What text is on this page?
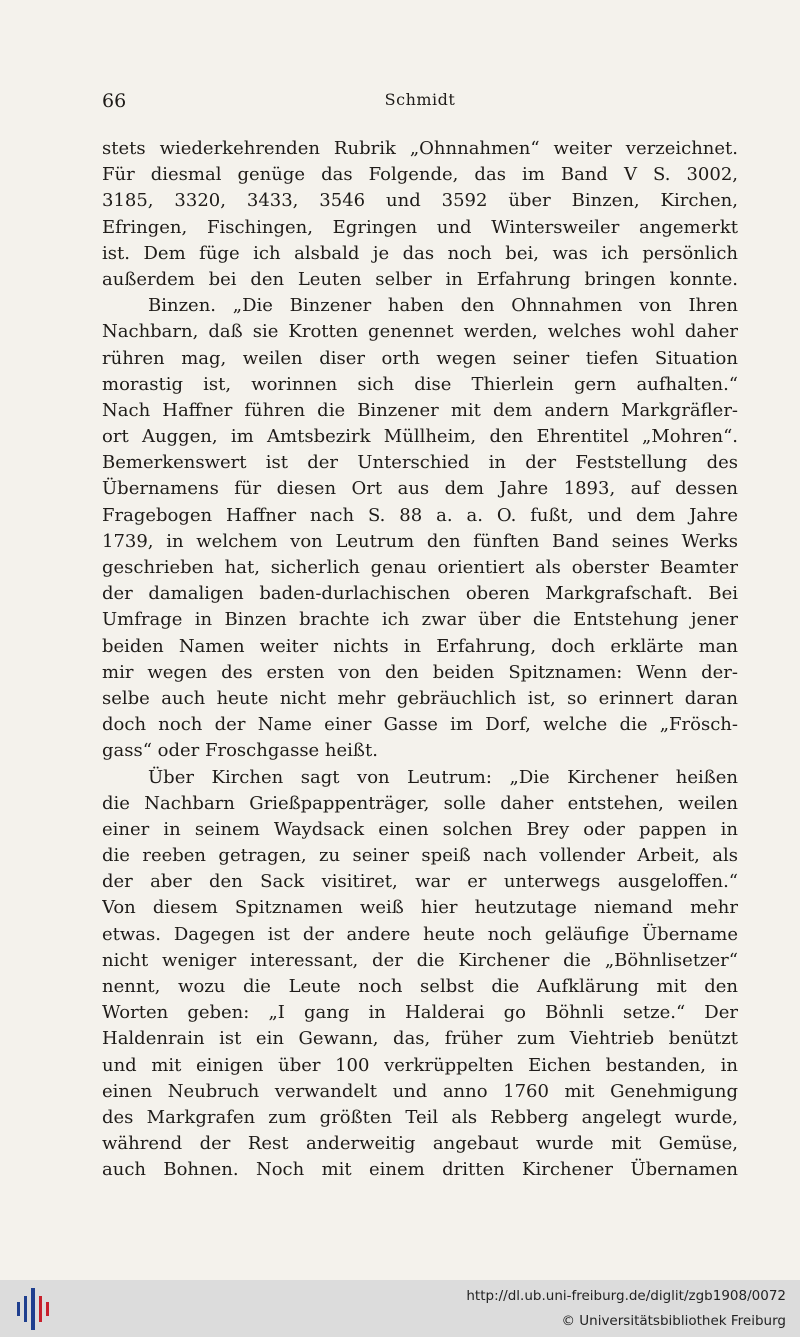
66	Schmidt
stets wiederkehrenden Rubrik „Ohnnahmen“ weiter verzeichnet.
Für diesmal genüge das Folgende, das im Band V S. 3002,
3185, 3320, 3433, 3546 und 3592 über Binzen, Kirchen,
Efringen, Fischingen, Egringen und Wintersweiler angemerkt
ist. Dem füge ich alsbald je das noch bei, was ich persönlich
außerdem bei den Leuten selber in Erfahrung bringen konnte.
Binzen. „Die Binzener haben den Ohnnahmen von Ihren
Nachbarn, daß sie Krotten genennet werden, welches wohl daher
rühren mag, weilen diser orth wegen seiner tiefen Situation
morastig ist, worinnen sich dise Thierlein gern aufhalten.“
Nach Haffner führen die Binzener mit dem andern Markgräfler-
ort Auggen, im Amtsbezirk Müllheim, den Ehrentitel „Mohren“.
Bemerkenswert ist der Unterschied in der Feststellung des
Übernamens für diesen Ort aus dem Jahre 1893, auf dessen
Fragebogen Haffner nach S. 88 a. a. O. fußt, und dem Jahre
1739, in welchem von Leutrum den fünften Band seines Werks
geschrieben hat, sicherlich genau orientiert als oberster Beamter
der damaligen baden-durlachischen oberen Markgrafschaft. Bei
Umfrage in Binzen brachte ich zwar über die Entstehung jener
beiden Namen weiter nichts in Erfahrung, doch erklärte man
mir wegen des ersten von den beiden Spitznamen: Wenn der-
selbe auch heute nicht mehr gebräuchlich ist, so erinnert daran
doch noch der Name einer Gasse im Dorf, welche die „Frösch-
gass“ oder Froschgasse heißt.
Über Kirchen sagt von Leutrum: „Die Kirchener heißen
die Nachbarn Grießpappenträger, solle daher entstehen, weilen
einer in seinem Waydsack einen solchen Brey oder pappen in
die reeben getragen, zu seiner speiß nach vollender Arbeit, als
der aber den Sack visitiret, war er unterwegs ausgeloffen.“
Von diesem Spitznamen weiß hier heutzutage niemand mehr
etwas. Dagegen ist der andere heute noch geläufige Übername
nicht weniger interessant, der die Kirchener die „Böhnlisetzer“
nennt, wozu die Leute noch selbst die Aufklärung mit den
Worten geben: „I gang in Halderai go Böhnli setze.“ Der
Haldenrain ist ein Gewann, das, früher zum Viehtrieb benützt
und mit einigen über 100 verkrüppelten Eichen bestanden, in
einen Neubruch verwandelt und anno 1760 mit Genehmigung
des Markgrafen zum größten Teil als Rebberg angelegt wurde,
während der Rest anderweitig angebaut wurde mit Gemüse,
auch Bohnen. Noch mit einem dritten Kirchener Übernamen
http://dl.ub.uni-freiburg.de/diglit/zgb1908/0072
© Universitätsbibliothek Freiburg
